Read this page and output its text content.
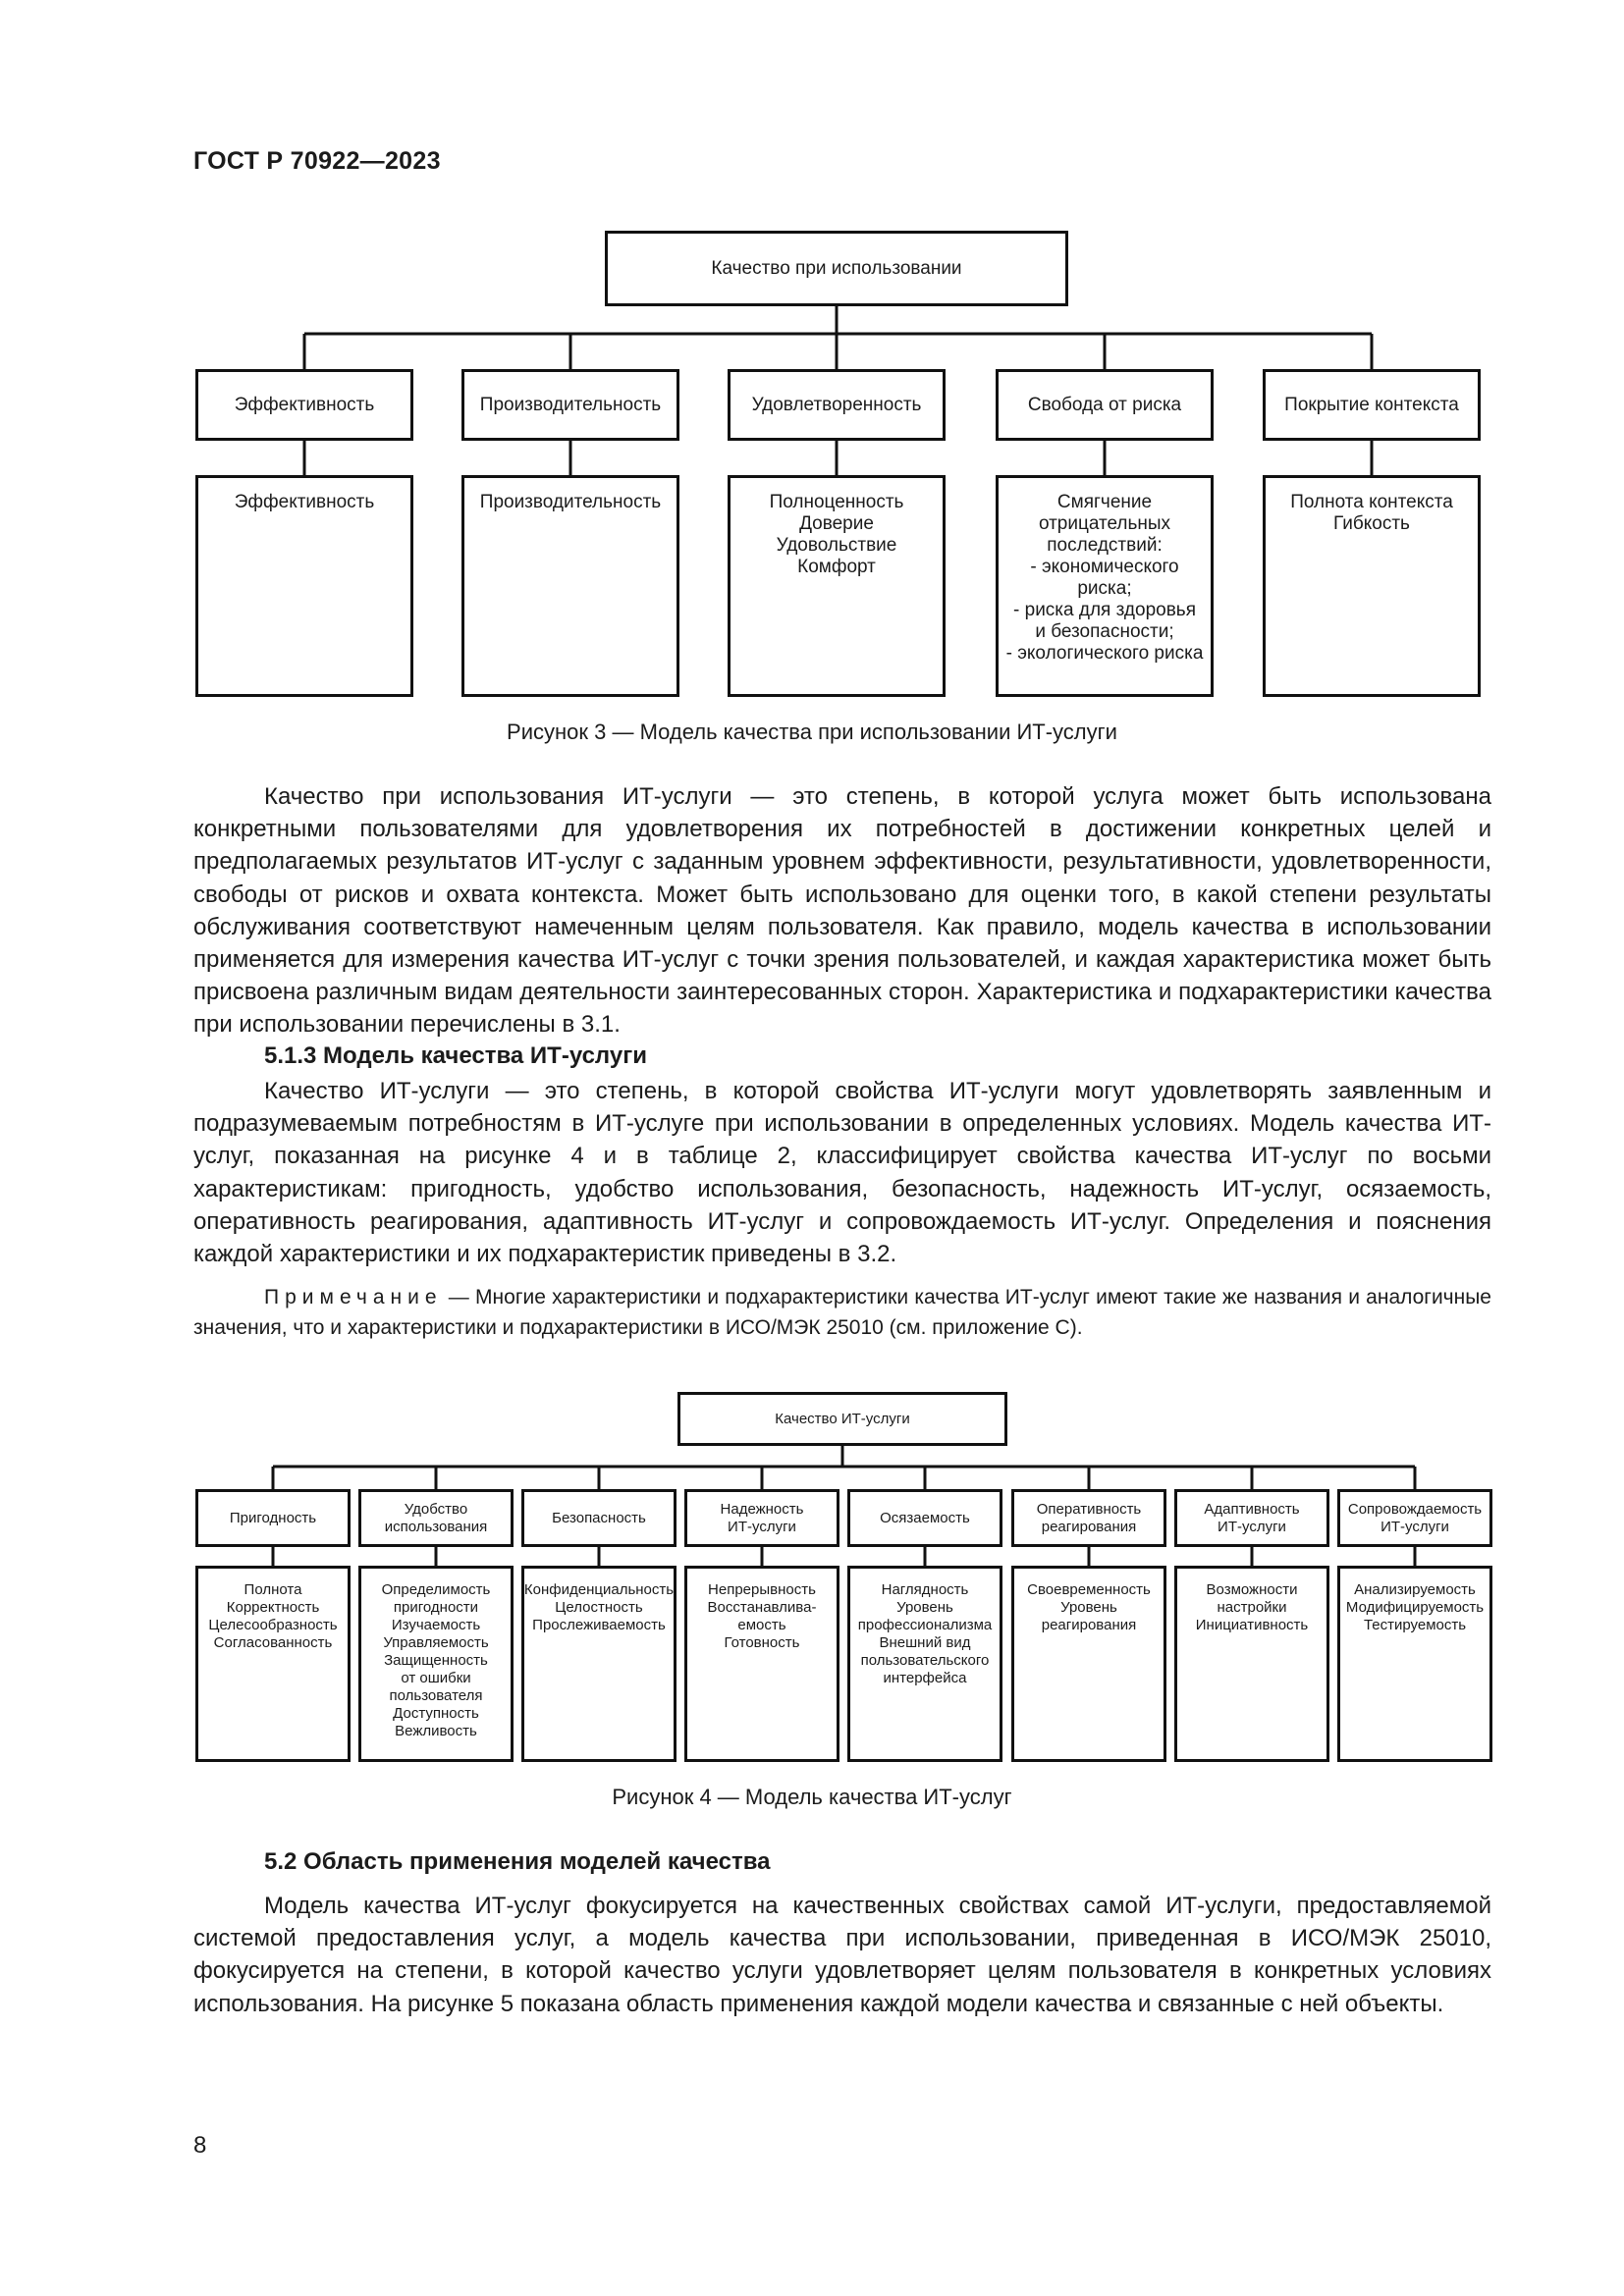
ГОСТ Р 70922—2023
Качество при использовании
Эффективность	Производительность	Удовлетворенность	Свобода от риска	Покрытие контекста
Эффективность	Производительность	Полноценность
Доверие
Удовольствие
Комфорт
Смягчение
отрицательных
последствий:
- экономического
риска;
- риска для здоровья
и безопасности;
- экологического риска
Полнота контекста
Гибкость
Рисунок 3 — Модель качества при использовании ИТ-услуги
Качество при использования ИТ-услуги — это степень, в которой услуга может быть использована конкретными пользователями для удовлетворения их потребностей в достижении конкретных целей и предполагаемых результатов ИТ-услуг с заданным уровнем эффективности, результативности, удовлетворенности, свободы от рисков и охвата контекста. Может быть использовано для оценки того, в какой степени результаты обслуживания соответствуют намеченным целям пользователя. Как правило, модель качества в использовании применяется для измерения качества ИТ-услуг с точки зрения пользователей, и каждая характеристика может быть присвоена различным видам деятельности заинтересованных сторон. Характеристика и подхарактеристики качества при использовании перечислены в 3.1.
5.1.3 Модель качества ИТ-услуги
Качество ИТ-услуги — это степень, в которой свойства ИТ-услуги могут удовлетворять заявленным и подразумеваемым потребностям в ИТ-услуге при использовании в определенных условиях. Модель качества ИТ-услуг, показанная на рисунке 4 и в таблице 2, классифицирует свойства качества ИТ-услуг по восьми характеристикам: пригодность, удобство использования, безопасность, надежность ИТ-услуг, осязаемость, оперативность реагирования, адаптивность ИТ-услуг и сопровождаемость ИТ-услуг. Определения и пояснения каждой характеристики и их подхарактеристик приведены в 3.2.
Примечание — Многие характеристики и подхарактеристики качества ИТ-услуг имеют такие же названия и аналогичные значения, что и характеристики и подхарактеристики в ИСО/МЭК 25010 (см. приложение С).
Качество ИТ-услуги
Пригодность
Удобство
использования
Безопасность
Надежность
ИТ-услуги
Осязаемость
Оперативность
реагирования
Адаптивность
ИТ-услуги
Сопровождаемость
ИТ-услуги
Полнота
Корректность
Целесообразность
Согласованность
Определимость
пригодности
Изучаемость
Управляемость
Защищенность
от ошибки
пользователя
Доступность
Вежливость
Конфиденциальность
Целостность
Прослеживаемость
Непрерывность
Восстанавлива-
емость
Готовность
Наглядность
Уровень
профессионализма
Внешний вид
пользовательского
интерфейса
Своевременность
Уровень
реагирования
Возможности
настройки
Инициативность
Анализируемость
Модифицируемость
Тестируемость
Рисунок 4 — Модель качества ИТ-услуг
5.2 Область применения моделей качества
Модель качества ИТ-услуг фокусируется на качественных свойствах самой ИТ-услуги, предоставляемой системой предоставления услуг, а модель качества при использовании, приведенная в ИСО/МЭК 25010, фокусируется на степени, в которой качество услуги удовлетворяет целям пользователя в конкретных условиях использования. На рисунке 5 показана область применения каждой модели качества и связанные с ней объекты.
8
